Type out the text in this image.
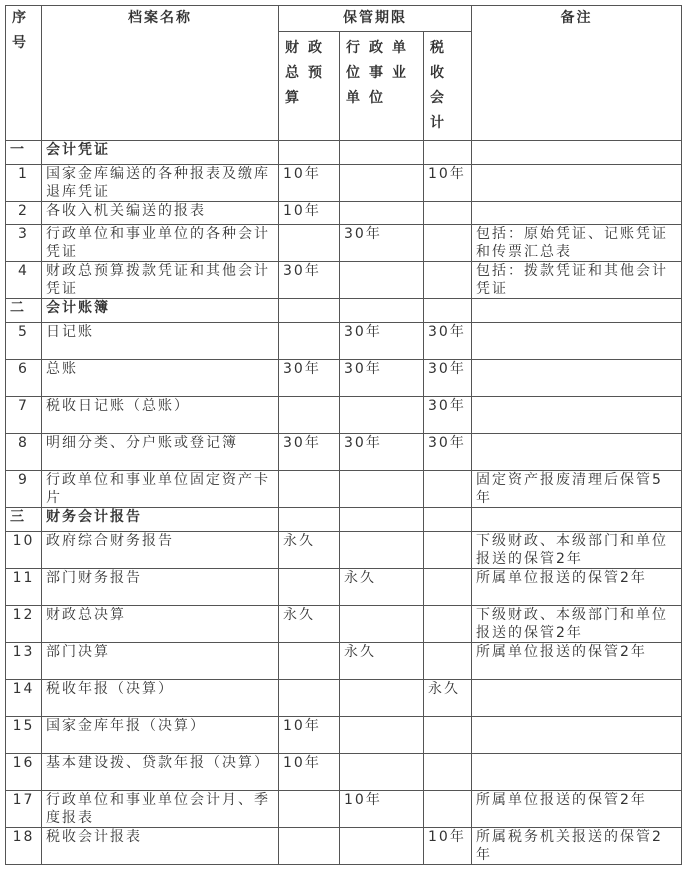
序号	档案名称	保管期限			备注
		财政总预算	行政单位事业单位	税收会计	
一	会计凭证				
1	国家金库编送的各种报表及缴库退库凭证	10年		10年	
2	各收入机关编送的报表	10年			
3	行政单位和事业单位的各种会计凭证		30年		包括：原始凭证、记账凭证和传票汇总表
4	财政总预算拨款凭证和其他会计凭证	30年			包括：拨款凭证和其他会计凭证
二	会计账簿				
5	日记账		30年	30年	
6	总账	30年	30年	30年	
7	税收日记账（总账）			30年	
8	明细分类、分户账或登记簿	30年	30年	30年	
9	行政单位和事业单位固定资产卡片				固定资产报废清理后保管5年
三	财务会计报告				
10	政府综合财务报告	永久			下级财政、本级部门和单位报送的保管2年
11	部门财务报告		永久		所属单位报送的保管2年
12	财政总决算	永久			下级财政、本级部门和单位报送的保管2年
13	部门决算		永久		所属单位报送的保管2年
14	税收年报（决算）			永久	
15	国家金库年报（决算）	10年			
16	基本建设拨、贷款年报（决算）	10年			
17	行政单位和事业单位会计月、季度报表		10年		所属单位报送的保管2年
18	税收会计报表			10年	所属税务机关报送的保管2年
